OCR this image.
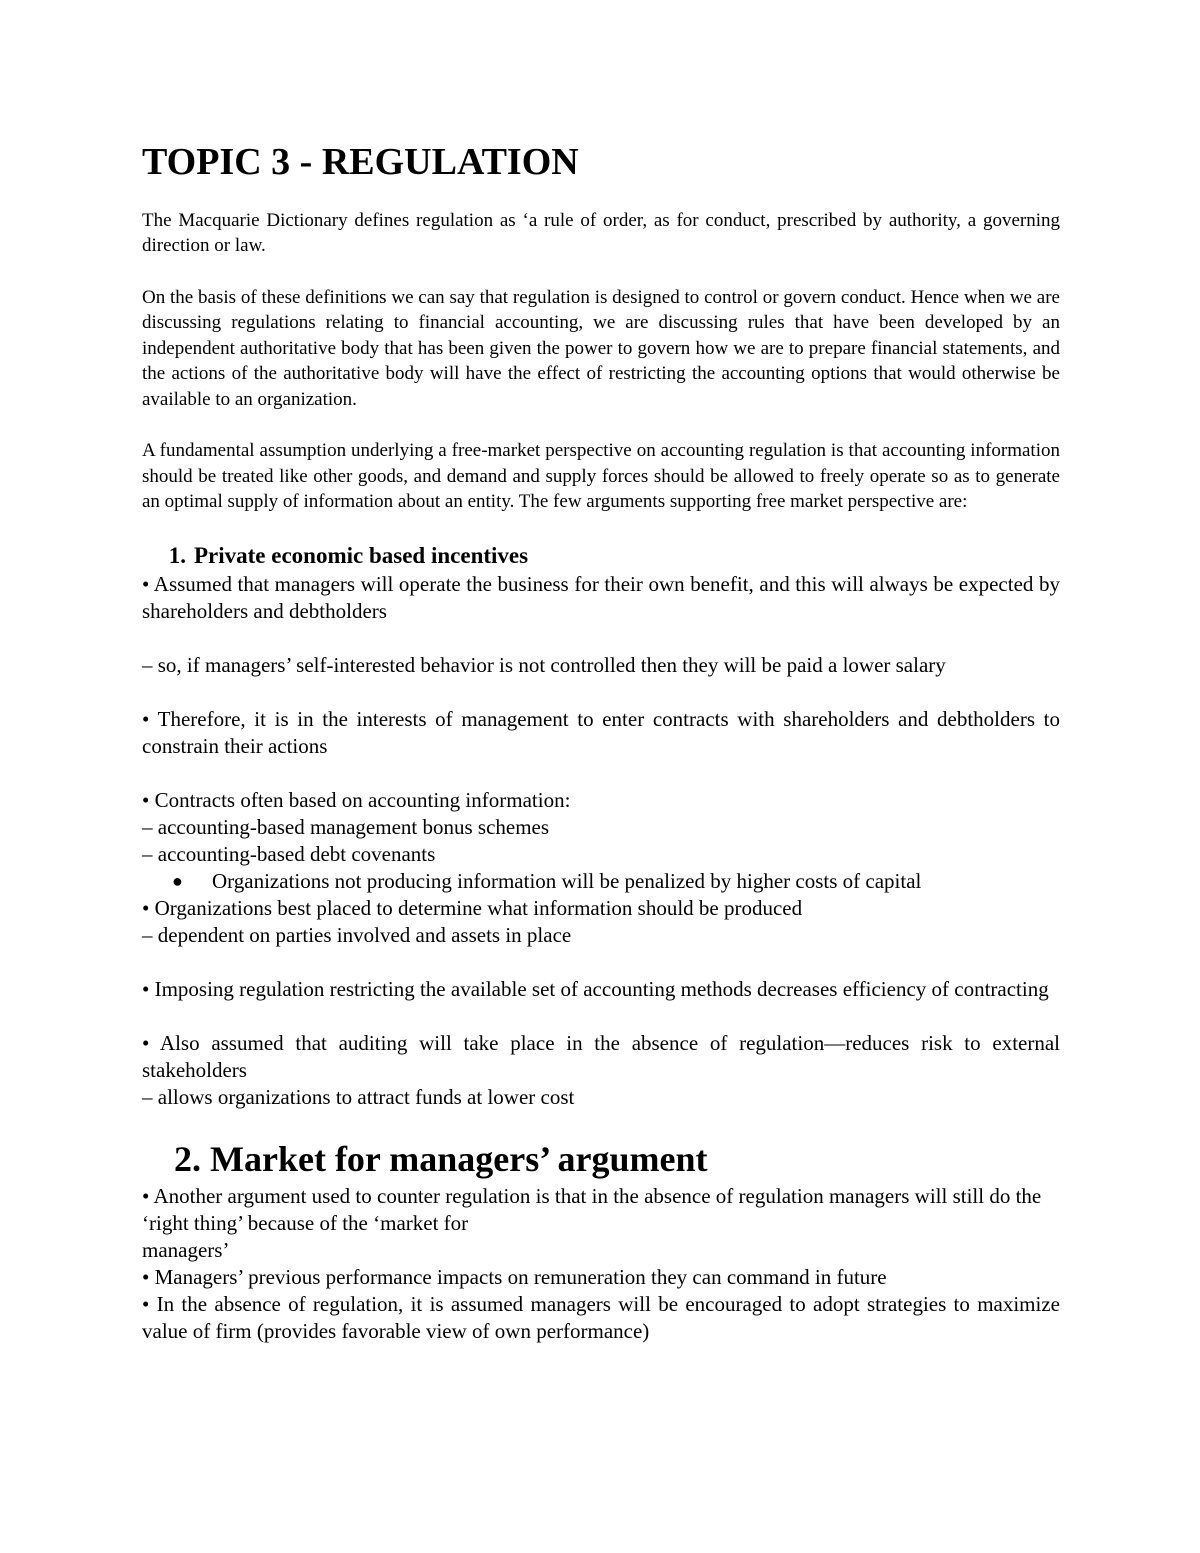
TOPIC 3 - REGULATION

The Macquarie Dictionary defines regulation as ‘a rule of order, as for conduct, prescribed by authority, a governing direction or law.

On the basis of these definitions we can say that regulation is designed to control or govern conduct. Hence when we are discussing regulations relating to financial accounting, we are discussing rules that have been developed by an independent authoritative body that has been given the power to govern how we are to prepare financial statements, and the actions of the authoritative body will have the effect of restricting the accounting options that would otherwise be available to an organization.

A fundamental assumption underlying a free-market perspective on accounting regulation is that accounting information should be treated like other goods, and demand and supply forces should be allowed to freely operate so as to generate an optimal supply of information about an entity. The few arguments supporting free market perspective are:

1. Private economic based incentives

• Assumed that managers will operate the business for their own benefit, and this will always be expected by shareholders and debtholders

– so, if managers’ self-interested behavior is not controlled then they will be paid a lower salary

• Therefore, it is in the interests of management to enter contracts with shareholders and debtholders to constrain their actions

• Contracts often based on accounting information:

– accounting-based management bonus schemes

– accounting-based debt covenants

●	Organizations not producing information will be penalized by higher costs of capital

• Organizations best placed to determine what information should be produced

– dependent on parties involved and assets in place

• Imposing regulation restricting the available set of accounting methods decreases efficiency of contracting

• Also assumed that auditing will take place in the absence of regulation—reduces risk to external stakeholders

– allows organizations to attract funds at lower cost

2. Market for managers’ argument

• Another argument used to counter regulation is that in the absence of regulation managers will still do the ‘right thing’ because of the ‘market for

managers’

• Managers’ previous performance impacts on remuneration they can command in future

• In the absence of regulation, it is assumed managers will be encouraged to adopt strategies to maximize value of firm (provides favorable view of own performance)
